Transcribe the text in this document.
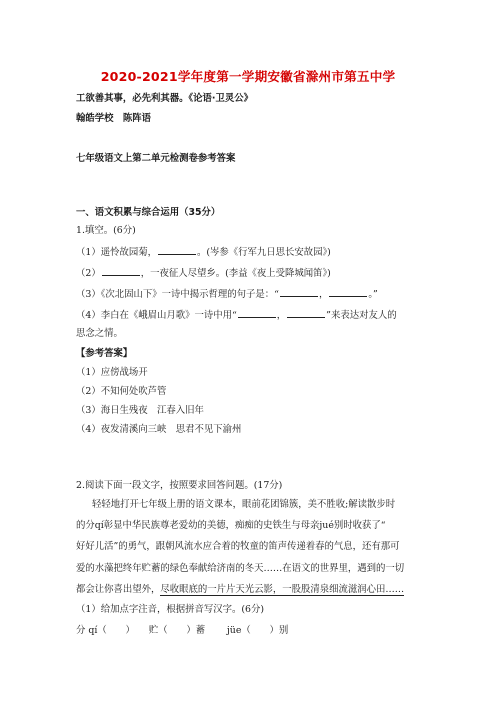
2020-2021学年度第一学期安徽省滁州市第五中学
工欲善其事，必先利其器。《论语·卫灵公》
翰皓学校　陈阵语
七年级语文上第二单元检测卷参考答案
一、语文积累与综合运用（35分）
1.填空。(6分)
（1）遥怜故园菊，	。(岑参《行军九日思长安故园》)
（2）	，一夜征人尽望乡。(李益《夜上受降城闻笛》)
（3）《次北固山下》一诗中揭示哲理的句子是：“	，	。”
（4）李白在《峨眉山月歌》一诗中用“	，	”来表达对友人的
思念之情。
【参考答案】
（1）应傍战场开
（2）不知何处吹芦管
（3）海日生残夜　江春入旧年
（4）夜发清溪向三峡　思君不见下渝州
2.阅读下面一段文字，按照要求回答问题。(17分)
轻轻地打开七年级上册的语文课本，眼前花团锦簇，美不胜收;解读散步时
的分qí彰显中华民族尊老爱幼的美德，痴痴的史铁生与母亲jué别时收获了“
好好儿活”的勇气，跟朝风流水应合着的牧童的笛声传递着春的气息，还有那可
爱的水藻把终年贮蓄的绿色奉献给济南的冬天……在语文的世界里，遇到的一切
都会让你喜出望外，尽收眼底的一片片天光云影，一股股清泉细流滋润心田……
（1）给加点字注音，根据拼音写汉字。(6分)
分 qí（　　）　　贮（　　）蓄　　 jüe（　　）别
